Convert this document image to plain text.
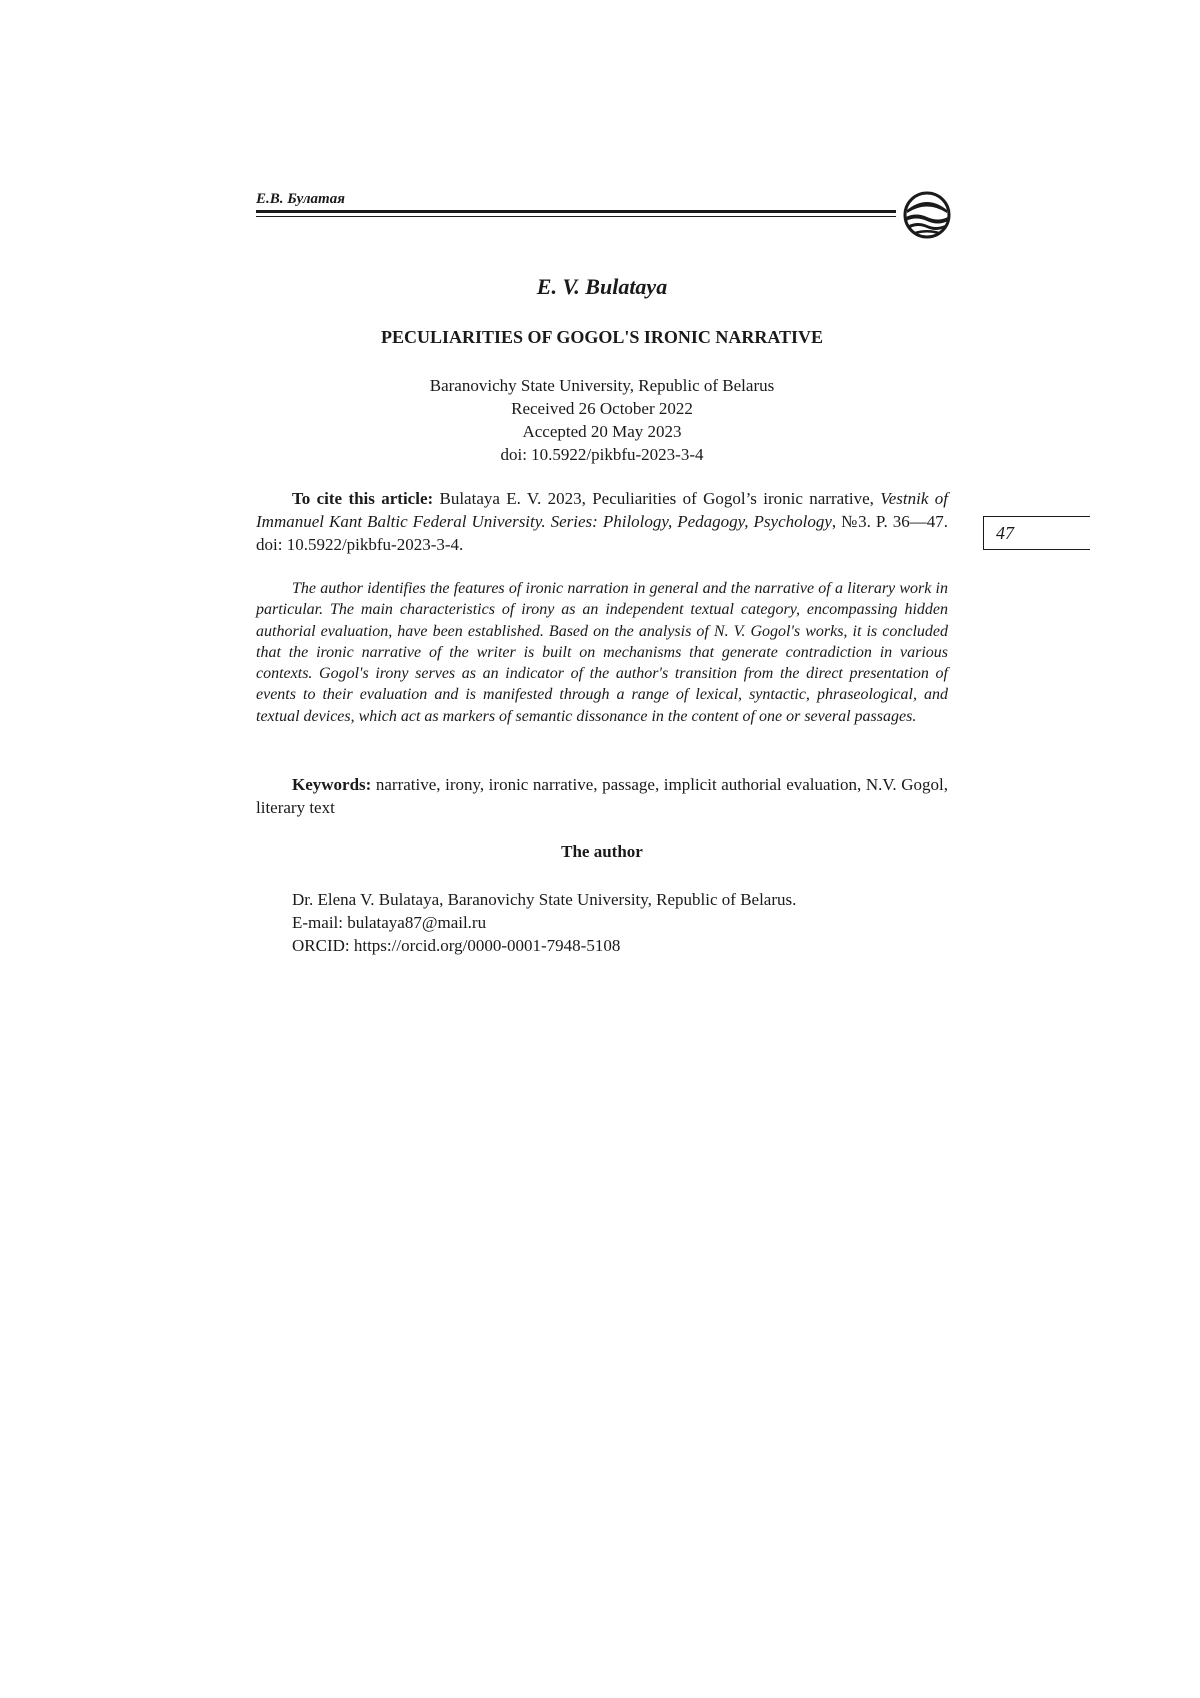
Е.В. Булатая
E. V. Bulataya
PECULIARITIES OF GOGOL'S IRONIC NARRATIVE
Baranovichy State University, Republic of Belarus
Received 26 October 2022
Accepted 20 May 2023
doi: 10.5922/pikbfu-2023-3-4
To cite this article: Bulataya E. V. 2023, Peculiarities of Gogol’s ironic narrative, Vestnik of Immanuel Kant Baltic Federal University. Series: Philology, Pedagogy, Psychology, №3. P. 36—47. doi: 10.5922/pikbfu-2023-3-4.
The author identifies the features of ironic narration in general and the narrative of a literary work in particular. The main characteristics of irony as an independent textual category, encompassing hidden authorial evaluation, have been established. Based on the analysis of N. V. Gogol's works, it is concluded that the ironic narrative of the writer is built on mechanisms that generate contradiction in various contexts. Gogol's irony serves as an indicator of the author's transition from the direct presentation of events to their evaluation and is manifested through a range of lexical, syntactic, phraseological, and textual devices, which act as markers of semantic dissonance in the content of one or several passages.
Keywords: narrative, irony, ironic narrative, passage, implicit authorial evaluation, N.V. Gogol, literary text
The author
Dr. Elena V. Bulataya, Baranovichy State University, Republic of Belarus.
E-mail: bulataya87@mail.ru
ORCID: https://orcid.org/0000-0001-7948-5108
47
